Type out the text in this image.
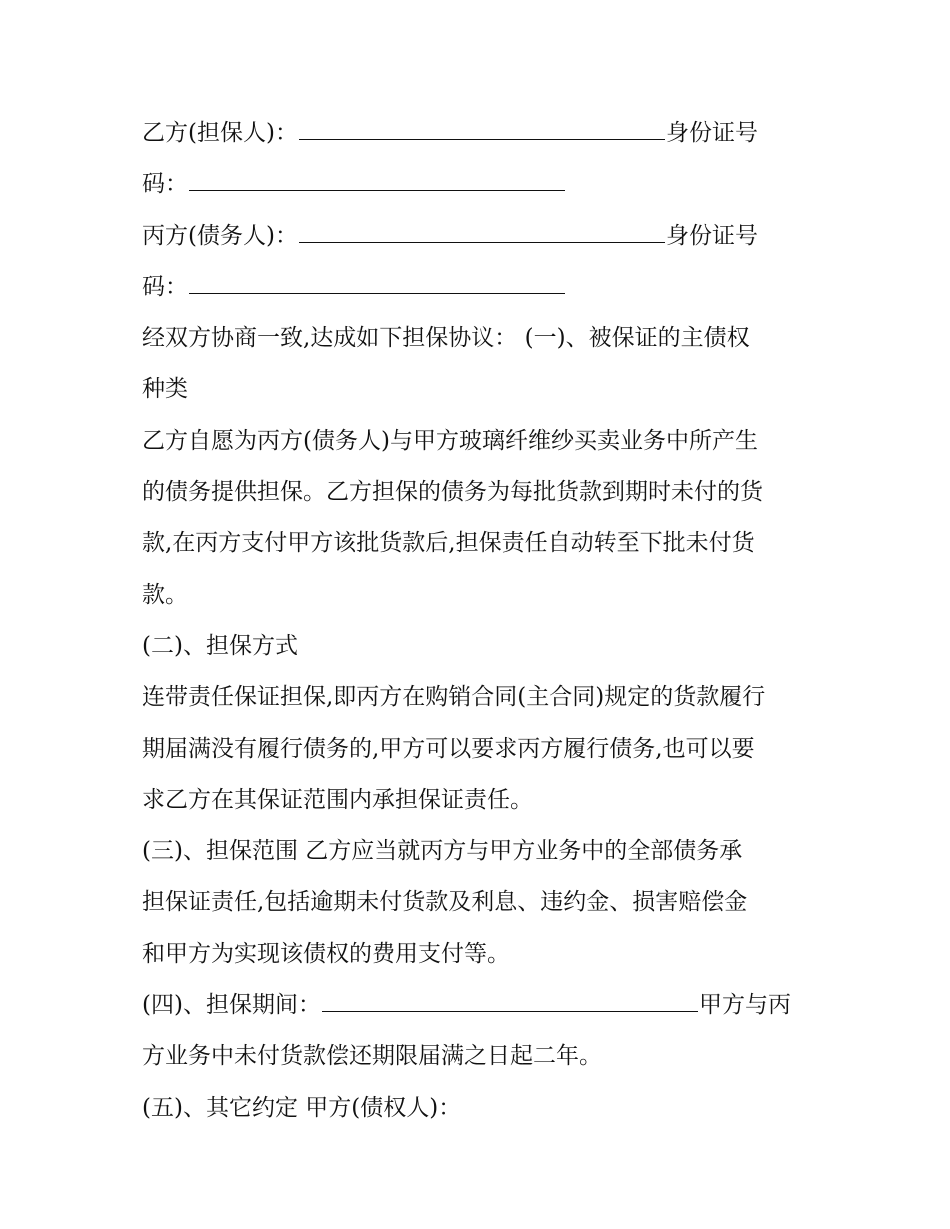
乙方(担保人)：	身份证号
码：
丙方(债务人)：	身份证号
码：
经双方协商一致,达成如下担保协议： (一)、被保证的主债权
种类
乙方自愿为丙方(债务人)与甲方玻璃纤维纱买卖业务中所产生
的债务提供担保。乙方担保的债务为每批货款到期时未付的货
款,在丙方支付甲方该批货款后,担保责任自动转至下批未付货
款。
(二)、担保方式
连带责任保证担保,即丙方在购销合同(主合同)规定的货款履行
期届满没有履行债务的,甲方可以要求丙方履行债务,也可以要
求乙方在其保证范围内承担保证责任。
(三)、担保范围 乙方应当就丙方与甲方业务中的全部债务承
担保证责任,包括逾期未付货款及利息、违约金、损害赔偿金
和甲方为实现该债权的费用支付等。
(四)、担保期间：	甲方与丙
方业务中未付货款偿还期限届满之日起二年。
(五)、其它约定 甲方(债权人)：
